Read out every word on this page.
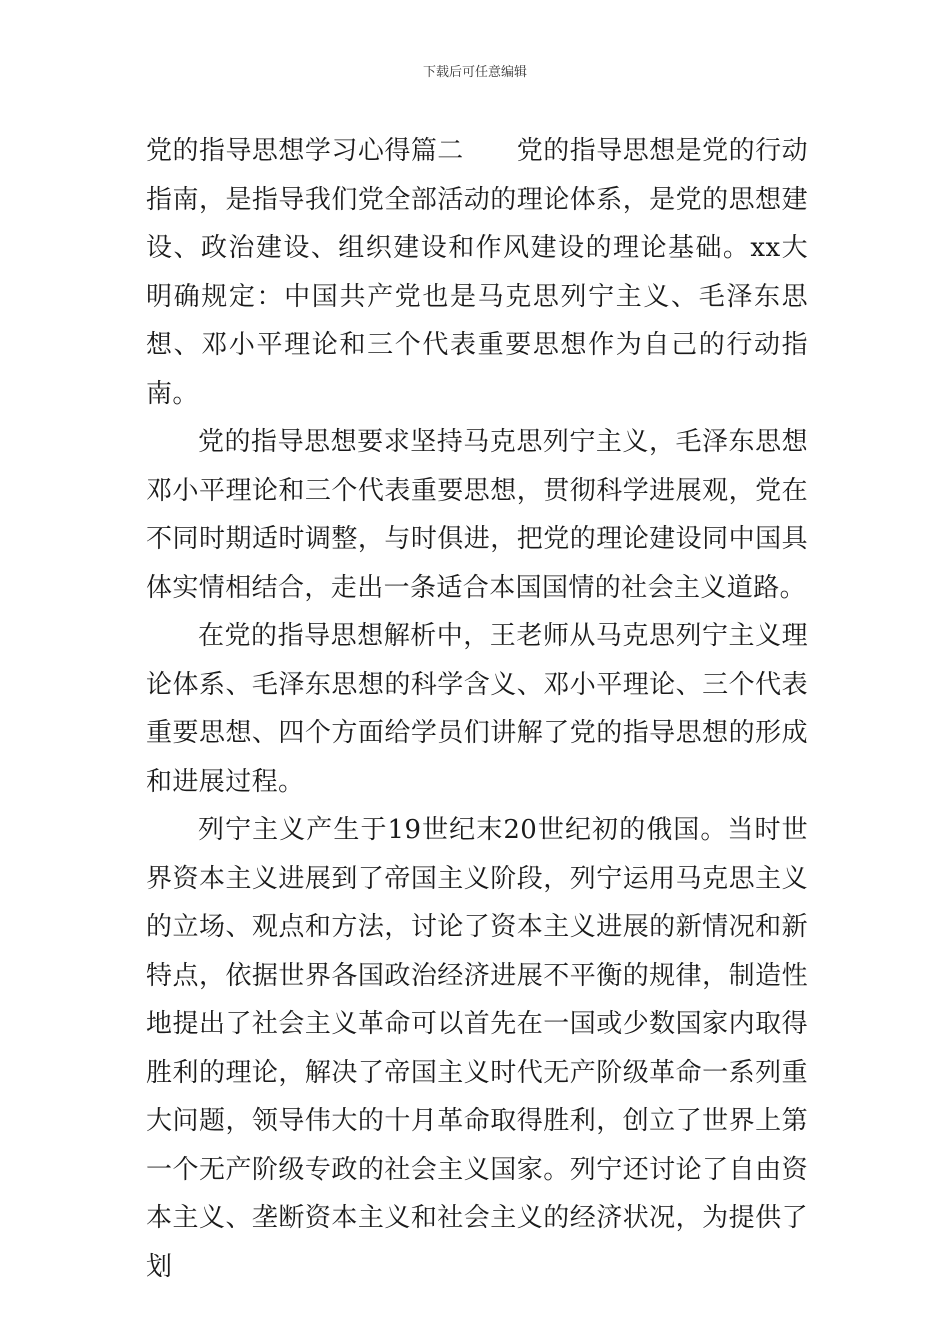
下载后可任意编辑

党的指导思想学习心得篇二　　党的指导思想是党的行动指南，是指导我们党全部活动的理论体系，是党的思想建设、政治建设、组织建设和作风建设的理论基础。xx大明确规定：中国共产党也是马克思列宁主义、毛泽东思想、邓小平理论和三个代表重要思想作为自己的行动指南。

党的指导思想要求坚持马克思列宁主义，毛泽东思想邓小平理论和三个代表重要思想，贯彻科学进展观，党在不同时期适时调整，与时俱进，把党的理论建设同中国具体实情相结合，走出一条适合本国国情的社会主义道路。

在党的指导思想解析中，王老师从马克思列宁主义理论体系、毛泽东思想的科学含义、邓小平理论、三个代表重要思想、四个方面给学员们讲解了党的指导思想的形成和进展过程。

列宁主义产生于19世纪末20世纪初的俄国。当时世界资本主义进展到了帝国主义阶段，列宁运用马克思主义的立场、观点和方法，讨论了资本主义进展的新情况和新特点，依据世界各国政治经济进展不平衡的规律，制造性地提出了社会主义革命可以首先在一国或少数国家内取得胜利的理论，解决了帝国主义时代无产阶级革命一系列重大问题，领导伟大的十月革命取得胜利，创立了世界上第一个无产阶级专政的社会主义国家。列宁还讨论了自由资本主义、垄断资本主义和社会主义的经济状况，为提供了划
